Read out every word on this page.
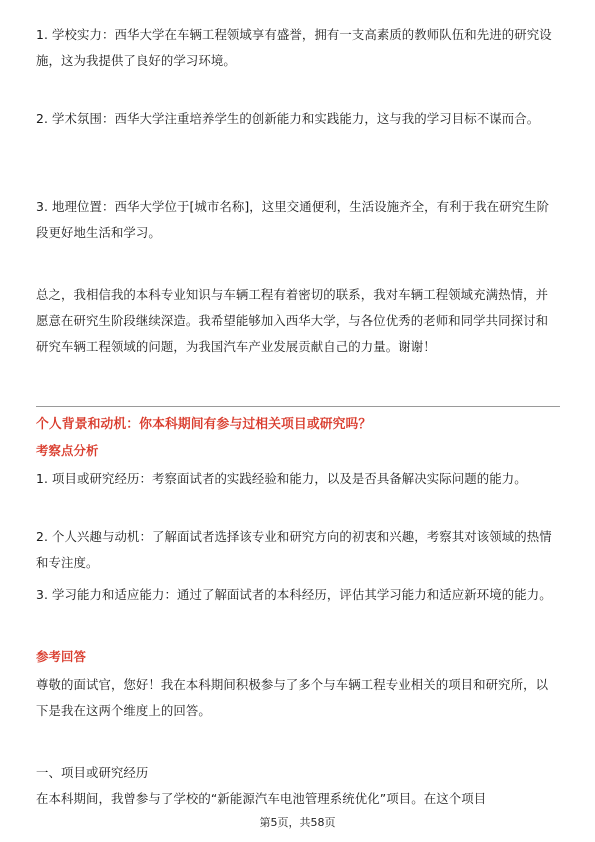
1. 学校实力：西华大学在车辆工程领域享有盛誉，拥有一支高素质的教师队伍和先进的研究设施，这为我提供了良好的学习环境。

2. 学术氛围：西华大学注重培养学生的创新能力和实践能力，这与我的学习目标不谋而合。

3. 地理位置：西华大学位于[城市名称]，这里交通便利，生活设施齐全，有利于我在研究生阶段更好地生活和学习。

总之，我相信我的本科专业知识与车辆工程有着密切的联系，我对车辆工程领域充满热情，并愿意在研究生阶段继续深造。我希望能够加入西华大学，与各位优秀的老师和同学共同探讨和研究车辆工程领域的问题，为我国汽车产业发展贡献自己的力量。谢谢！

个人背景和动机：你本科期间有参与过相关项目或研究吗？

考察点分析

1. 项目或研究经历：考察面试者的实践经验和能力，以及是否具备解决实际问题的能力。

2. 个人兴趣与动机：了解面试者选择该专业和研究方向的初衷和兴趣，考察其对该领域的热情和专注度。

3. 学习能力和适应能力：通过了解面试者的本科经历，评估其学习能力和适应新环境的能力。

参考回答

尊敬的面试官，您好！我在本科期间积极参与了多个与车辆工程专业相关的项目和研究所，以下是我在这两个维度上的回答。

一、项目或研究经历

在本科期间，我曾参与了学校的“新能源汽车电池管理系统优化”项目。在这个项目

第5页，共58页
